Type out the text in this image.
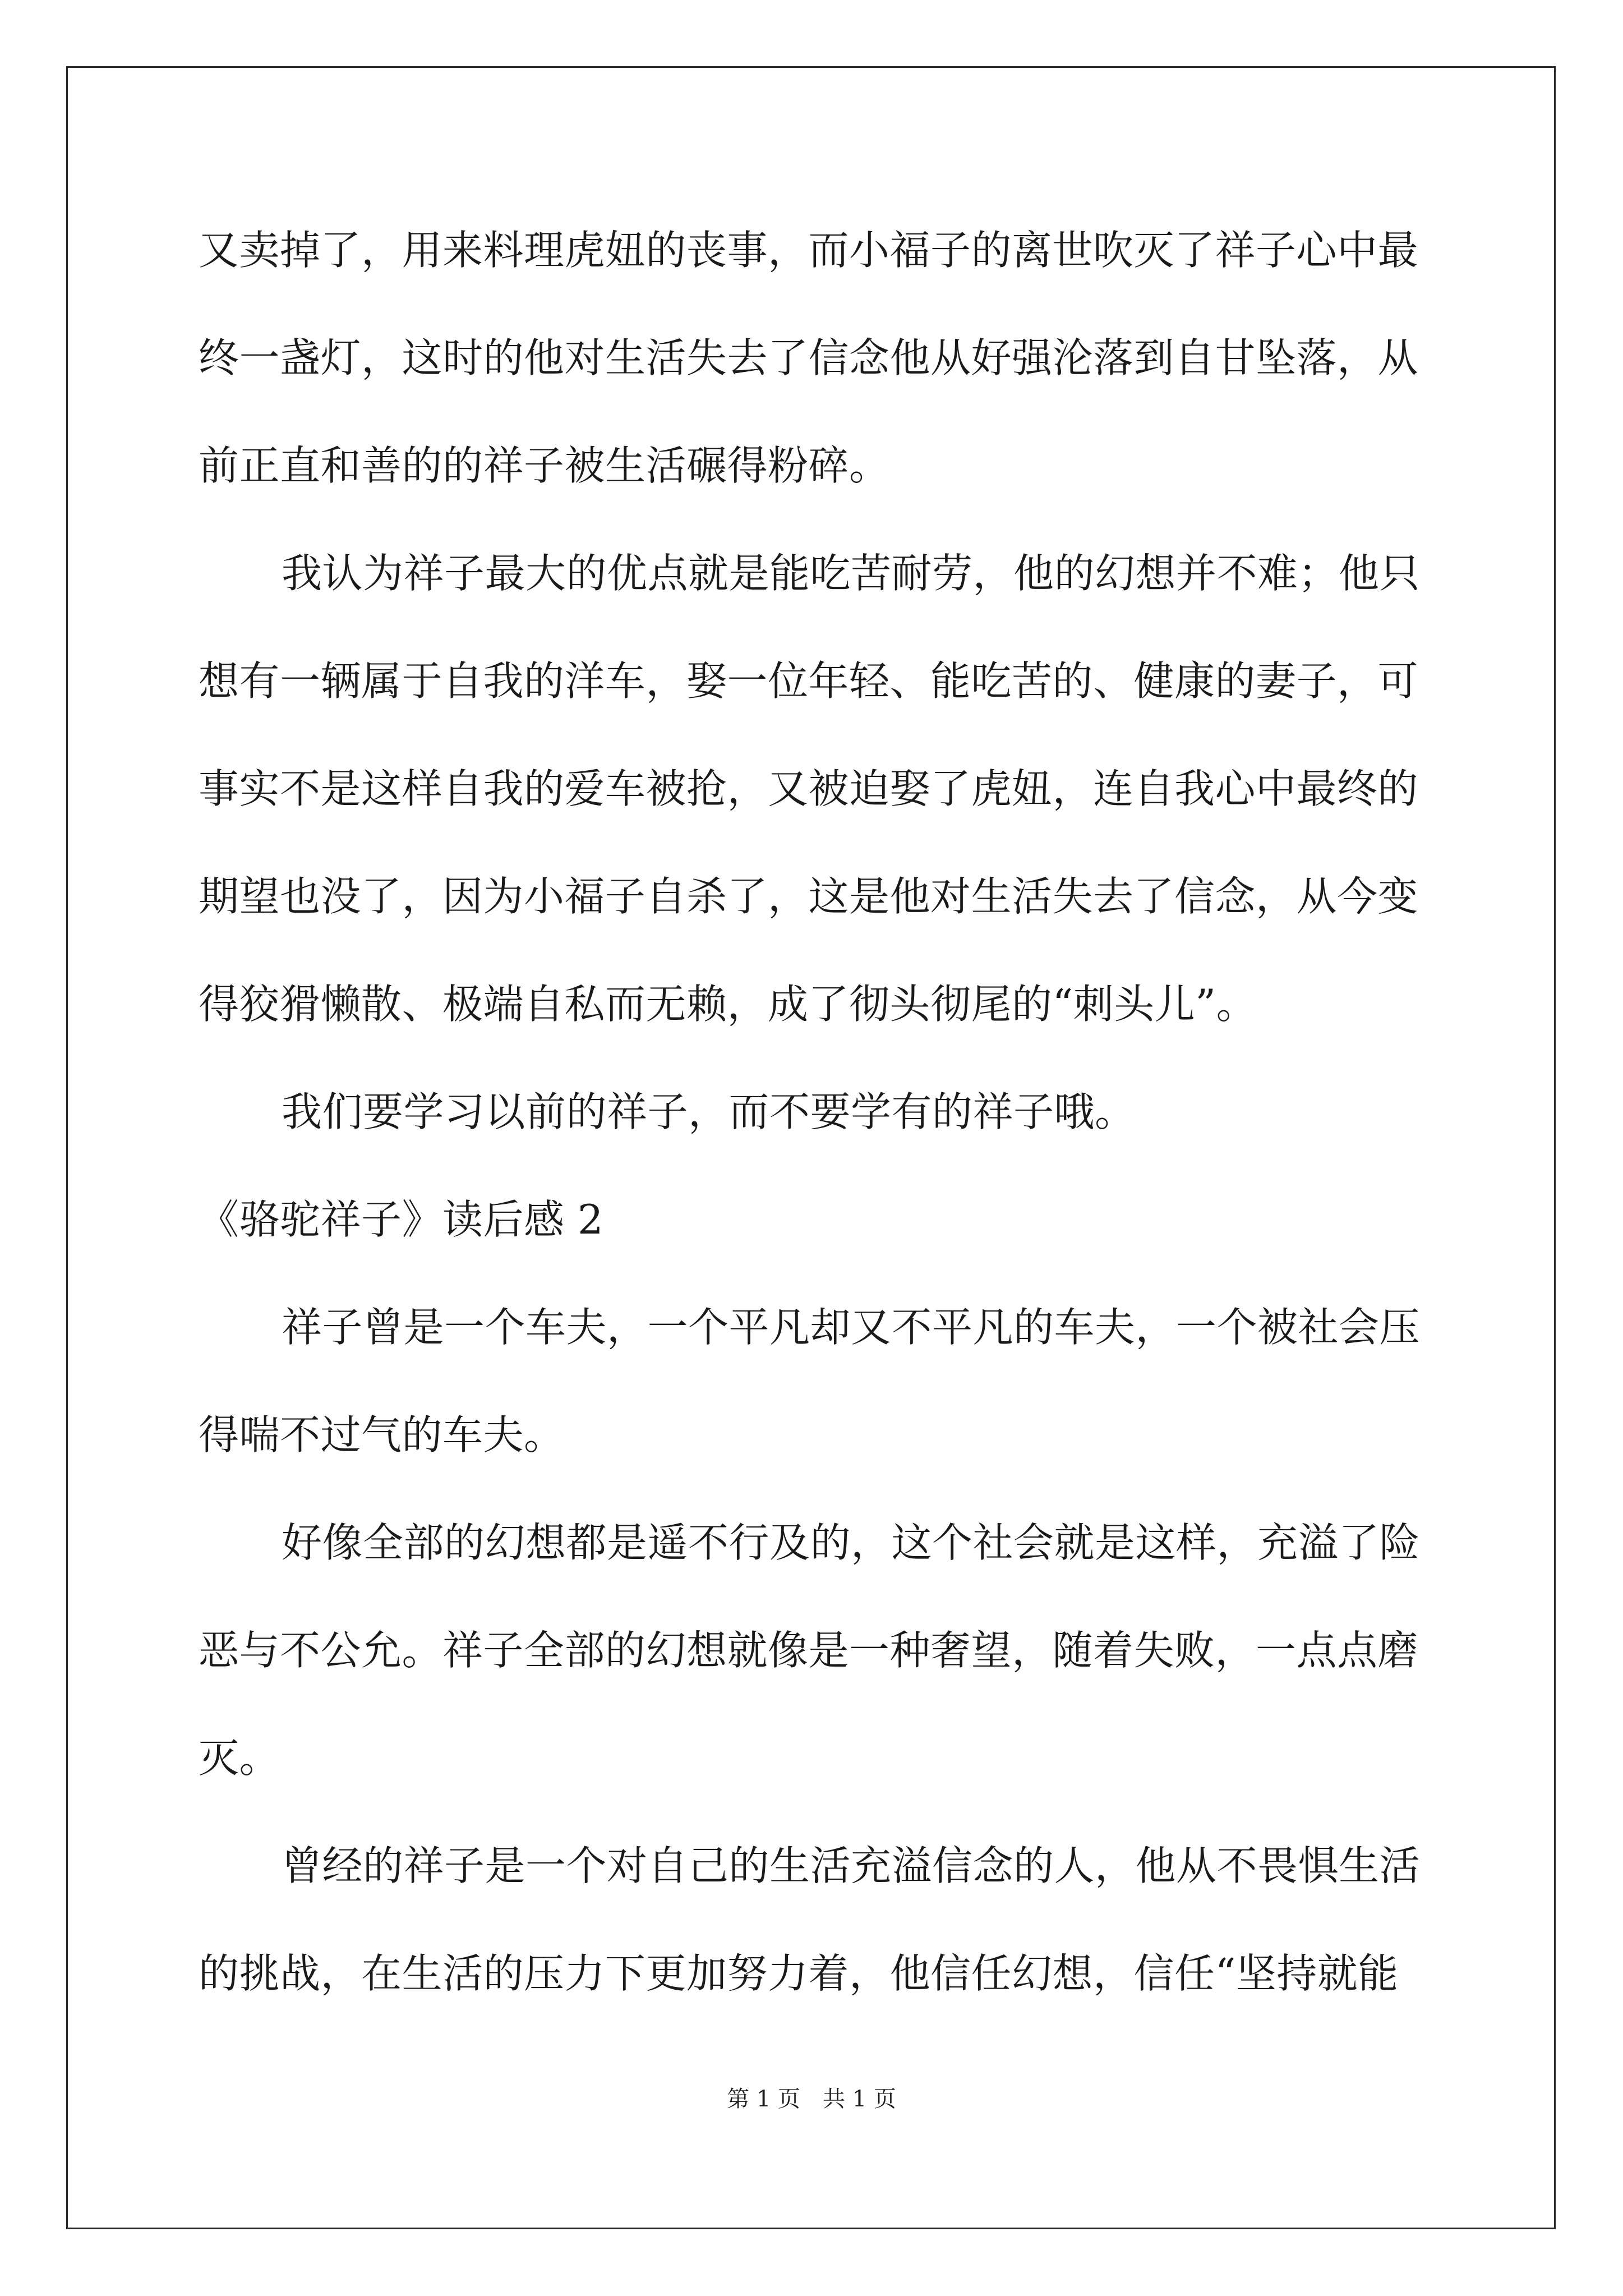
又卖掉了，用来料理虎妞的丧事，而小福子的离世吹灭了祥子心中最
终一盏灯，这时的他对生活失去了信念他从好强沦落到自甘坠落，从
前正直和善的的祥子被生活碾得粉碎。
我认为祥子最大的优点就是能吃苦耐劳，他的幻想并不难；他只
想有一辆属于自我的洋车，娶一位年轻、能吃苦的、健康的妻子，可
事实不是这样自我的爱车被抢，又被迫娶了虎妞，连自我心中最终的
期望也没了，因为小福子自杀了，这是他对生活失去了信念，从今变
得狡猾懒散、极端自私而无赖，成了彻头彻尾的“刺头儿”。
我们要学习以前的祥子，而不要学有的祥子哦。
《骆驼祥子》读后感 2
祥子曾是一个车夫，一个平凡却又不平凡的车夫，一个被社会压
得喘不过气的车夫。
好像全部的幻想都是遥不行及的，这个社会就是这样，充溢了险
恶与不公允。祥子全部的幻想就像是一种奢望，随着失败，一点点磨
灭。
曾经的祥子是一个对自己的生活充溢信念的人，他从不畏惧生活
的挑战，在生活的压力下更加努力着，他信任幻想，信任“坚持就能
第 1 页　共 1 页
